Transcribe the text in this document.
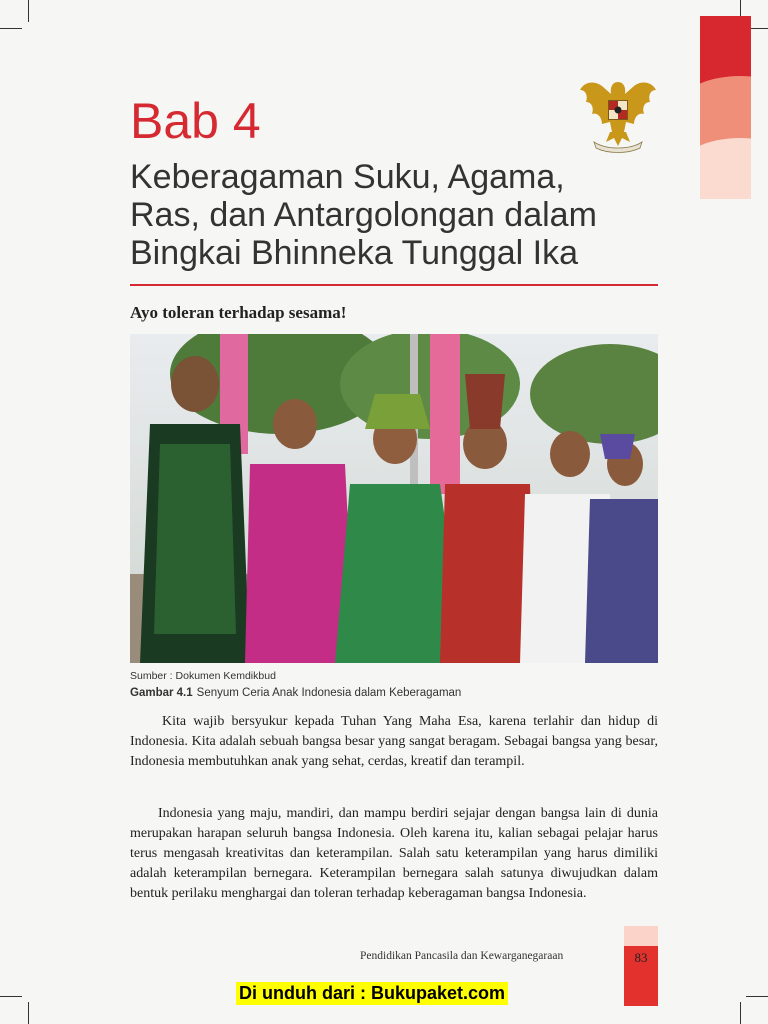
Bab 4
Keberagaman Suku, Agama,
Ras, dan Antargolongan dalam
Bingkai Bhinneka Tunggal Ika
Ayo toleran terhadap sesama!
Sumber : Dokumen Kemdikbud
Gambar 4.1 Senyum Ceria Anak Indonesia dalam Keberagaman
Kita wajib bersyukur kepada Tuhan Yang Maha Esa, karena terlahir dan hidup di Indonesia. Kita adalah sebuah bangsa besar yang sangat beragam. Sebagai bangsa yang besar, Indonesia membutuhkan anak yang sehat, cerdas, kreatif dan terampil.
Indonesia yang maju, mandiri, dan mampu berdiri sejajar dengan bangsa lain di dunia merupakan harapan seluruh bangsa Indonesia. Oleh karena itu, kalian sebagai pelajar harus terus mengasah kreativitas dan keterampilan. Salah satu keterampilan yang harus dimiliki adalah keterampilan bernegara. Keterampilan bernegara salah satunya diwujudkan dalam bentuk perilaku menghargai dan toleran terhadap keberagaman bangsa Indonesia.
Pendidikan Pancasila dan Kewarganegaraan	83
Di unduh dari : Bukupaket.com
